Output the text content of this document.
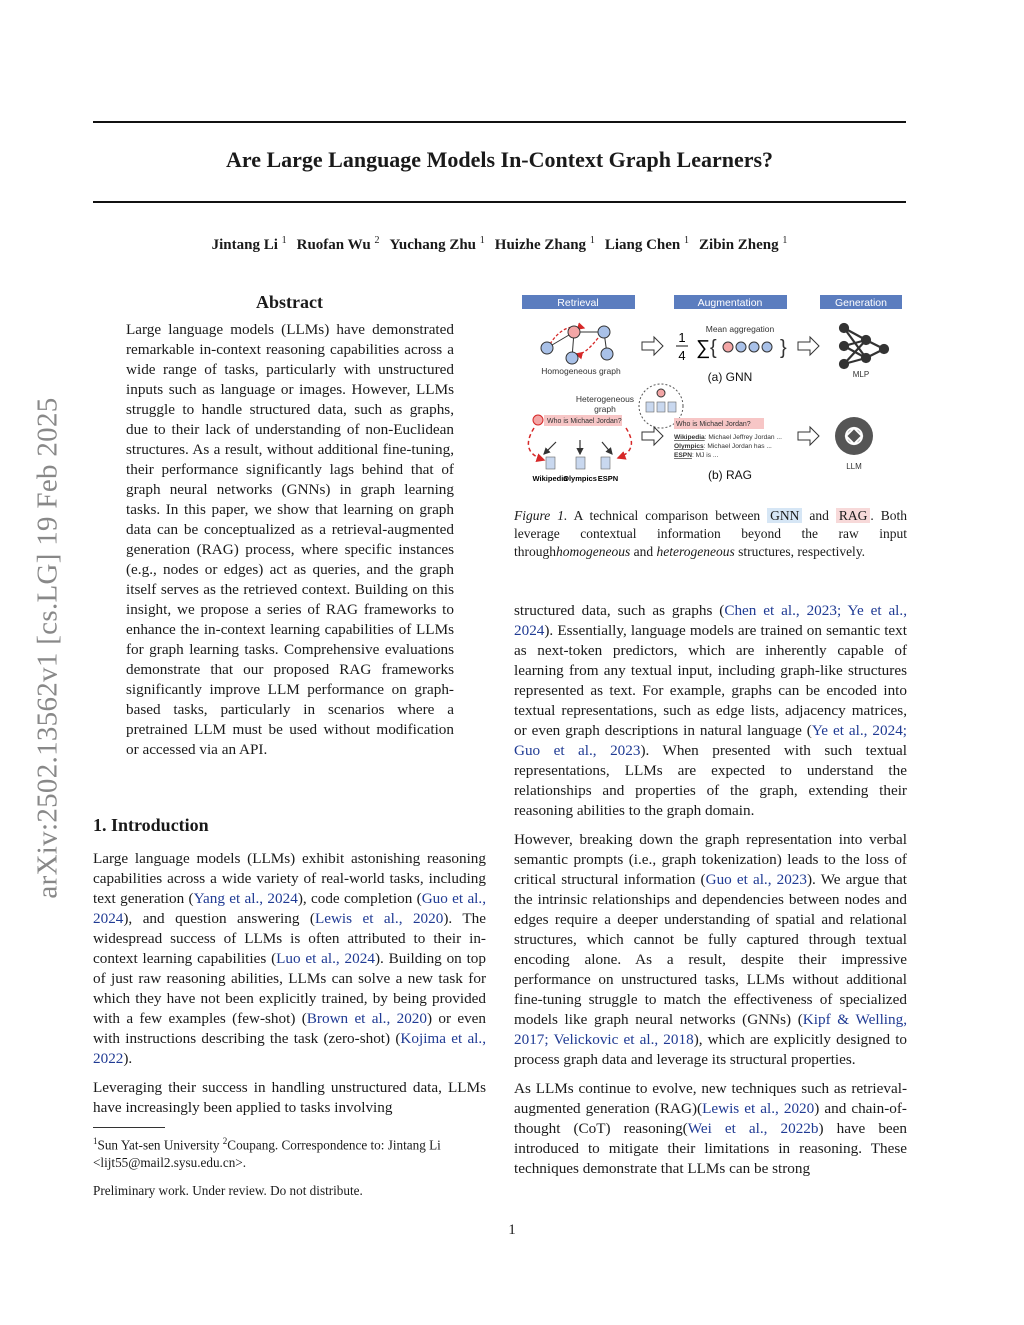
Are Large Language Models In-Context Graph Learners?
Jintang Li $^1$ Ruofan Wu $^2$ Yuchang Zhu $^1$ Huizhe Zhang $^1$ Liang Chen $^1$ Zibin Zheng $^1$
arXiv:2502.13562v1 [cs.LG] 19 Feb 2025
Abstract

Large language models (LLMs) have demonstrated remarkable in-context reasoning capabilities across a wide range of tasks, particularly with unstructured inputs such as language or images. However, LLMs struggle to handle structured data, such as graphs, due to their lack of understanding of non-Euclidean structures. As a result, without additional fine-tuning, their performance significantly lags behind that of graph neural networks (GNNs) in graph learning tasks. In this paper, we show that learning on graph data can be conceptualized as a retrieval-augmented generation (RAG) process, where specific instances (e.g., nodes or edges) act as queries, and the graph itself serves as the retrieved context. Building on this insight, we propose a series of RAG frameworks to enhance the in-context learning capabilities of LLMs for graph learning tasks. Comprehensive evaluations demonstrate that our proposed RAG frameworks significantly improve LLM performance on graph-based tasks, particularly in scenarios where a pretrained LLM must be used without modification or accessed via an API.

1. Introduction

Large language models (LLMs) exhibit astonishing reasoning capabilities across a wide variety of real-world tasks, including text generation (Yang et al., 2024), code completion (Guo et al., 2024), and question answering (Lewis et al., 2020). The widespread success of LLMs is often attributed to their in-context learning capabilities (Luo et al., 2024). Building on top of just raw reasoning abilities, LLMs can solve a new task for which they have not been explicitly trained, by being provided with a few examples (few-shot) (Brown et al., 2020) or even with instructions describing the task (zero-shot) (Kojima et al., 2022).

Leveraging their success in handling unstructured data, LLMs have increasingly been applied to tasks involving

$^1$Sun Yat-sen University $^2$Coupang. Correspondence to: Jintang Li <lijt55@mail2.sysu.edu.cn>.
Preliminary work. Under review. Do not distribute.
Retrieval	Augmentation	Generation
Homogeneous graph
Mean aggregation
1
4 ∑ {	}
(a) GNN	MLP
Heterogeneous
graph
Who is Michael Jordan?
Wikipedia
Olympics ESPN
Who is Michael Jordan?
Wikipedia: Michael Jeffrey Jordan ...
Olympics: Michael Jordan has ...
ESPN: MJ is ...
(b) RAG
LLM
Figure 1. A technical comparison between GNN and RAG . Both leverage contextual information beyond the raw input throughhomogeneous and heterogeneous structures, respectively.

structured data, such as graphs (Chen et al., 2023; Ye et al., 2024). Essentially, language models are trained on semantic text as next-token predictors, which are inherently capable of learning from any textual input, including graph-like structures represented as text. For example, graphs can be encoded into textual representations, such as edge lists, adjacency matrices, or even graph descriptions in natural language (Ye et al., 2024; Guo et al., 2023). When presented with such textual representations, LLMs are expected to understand the relationships and properties of the graph, extending their reasoning abilities to the graph domain.

However, breaking down the graph representation into verbal semantic prompts (i.e., graph tokenization) leads to the loss of critical structural information (Guo et al., 2023). We argue that the intrinsic relationships and dependencies between nodes and edges require a deeper understanding of spatial and relational structures, which cannot be fully captured through textual encoding alone. As a result, despite their impressive performance on unstructured tasks, LLMs without additional fine-tuning struggle to match the effectiveness of specialized models like graph neural networks (GNNs) (Kipf & Welling, 2017; Velickovic et al., 2018), which are explicitly designed to process graph data and leverage its structural properties.

As LLMs continue to evolve, new techniques such as retrieval-augmented generation (RAG)(Lewis et al., 2020) and chain-of-thought (CoT) reasoning(Wei et al., 2022b) have been introduced to mitigate their limitations in reasoning. These techniques demonstrate that LLMs can be strong

1
